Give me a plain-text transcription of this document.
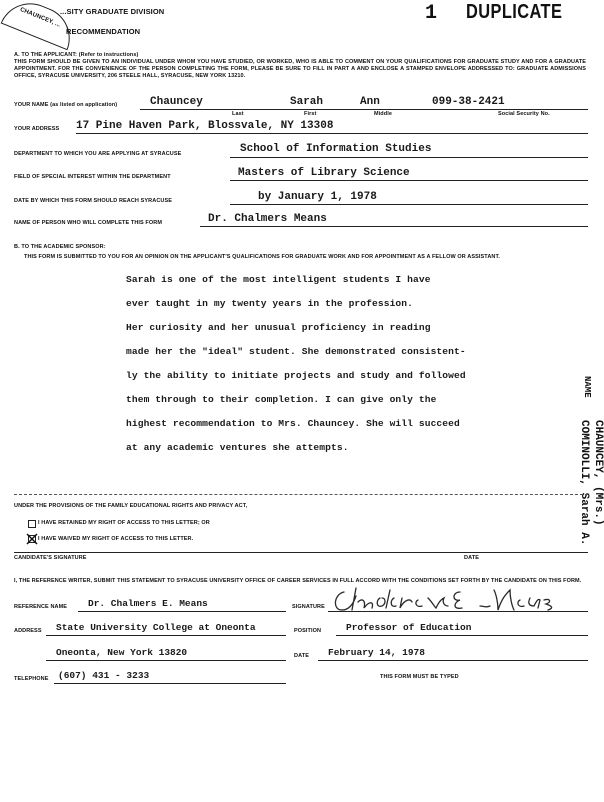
...SITY GRADUATE DIVISION
RECOMMENDATION
CHAUNCEY, ...	1 DUPLICATE
A. TO THE APPLICANT: (Refer to instructions)
THIS FORM SHOULD BE GIVEN TO AN INDIVIDUAL UNDER WHOM YOU HAVE STUDIED, OR WORKED, WHO IS ABLE TO COMMENT ON YOUR QUALIFICATIONS FOR GRADUATE STUDY AND FOR A GRADUATE APPOINTMENT. FOR THE CONVENIENCE OF THE PERSON COMPLETING THE FORM, PLEASE BE SURE TO FILL IN PART A AND ENCLOSE A STAMPED ENVELOPE ADDRESSED TO: GRADUATE ADMISSIONS OFFICE, SYRACUSE UNIVERSITY, 206 STEELE HALL, SYRACUSE, NEW YORK 13210.
YOUR NAME (as listed on application)	Chauncey	Sarah	Ann	099-38-2421
Last	First	Middle	Social Security No.
YOUR ADDRESS 17 Pine Haven Park, Blossvale, NY 13308
DEPARTMENT TO WHICH YOU ARE APPLYING AT SYRACUSE	School of Information Studies
FIELD OF SPECIAL INTEREST WITHIN THE DEPARTMENT	Masters of Library Science
DATE BY WHICH THIS FORM SHOULD REACH SYRACUSE	by January 1, 1978
NAME OF PERSON WHO WILL COMPLETE THIS FORM	Dr. Chalmers Means
B. TO THE ACADEMIC SPONSOR:
THIS FORM IS SUBMITTED TO YOU FOR AN OPINION ON THE APPLICANT'S QUALIFICATIONS FOR GRADUATE WORK AND FOR APPOINTMENT AS A FELLOW OR ASSISTANT.
Sarah is one of the most intelligent students I have
ever taught in my twenty years in the profession.
Her curiosity and her unusual proficiency in reading
made her the "ideal" student. She demonstrated consistent-
ly the ability to initiate projects and study and followed
them through to their completion. I can give only the
highest recommendation to Mrs. Chauncey. She will succeed
at any academic ventures she attempts.
NAME
CHAUNCEY, (Mrs.)
COMINOLLI, Sarah A.
UNDER THE PROVISIONS OF THE FAMILY EDUCATIONAL RIGHTS AND PRIVACY ACT,
I HAVE RETAINED MY RIGHT OF ACCESS TO THIS LETTER; OR
I HAVE WAIVED MY RIGHT OF ACCESS TO THIS LETTER.
CANDIDATE'S SIGNATURE	DATE
I, THE REFERENCE WRITER, SUBMIT THIS STATEMENT TO SYRACUSE UNIVERSITY OFFICE OF CAREER SERVICES IN FULL ACCORD WITH THE CONDITIONS SET FORTH BY THE CANDIDATE ON THIS FORM.
REFERENCE NAME Dr. Chalmers E. Means	SIGNATURE
ADDRESS State University College at Oneonta	POSITION	Professor of Education
Oneonta, New York 13820	DATE February 14, 1978
TELEPHONE (607) 431 - 3233	THIS FORM MUST BE TYPED
